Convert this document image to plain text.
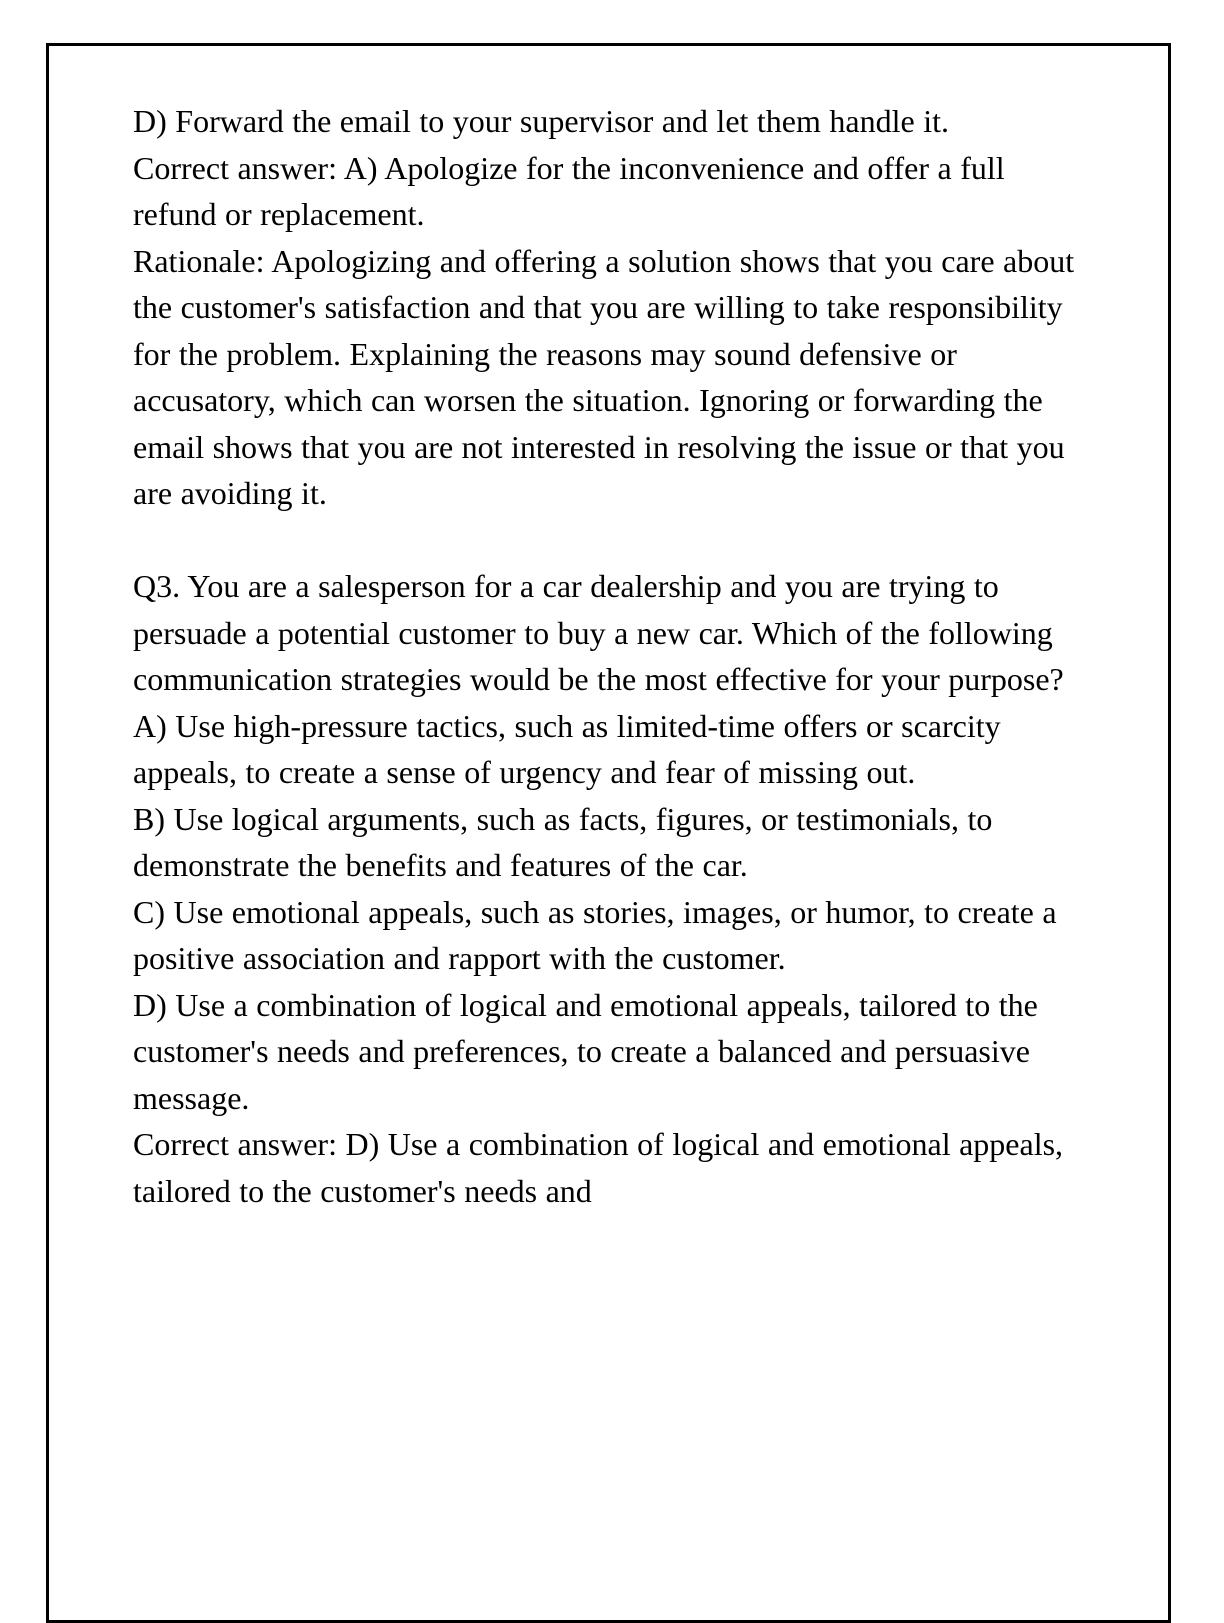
D) Forward the email to your supervisor and let them handle it.

Correct answer: A) Apologize for the inconvenience and offer a full refund or replacement.

Rationale: Apologizing and offering a solution shows that you care about the customer's satisfaction and that you are willing to take responsibility for the problem. Explaining the reasons may sound defensive or accusatory, which can worsen the situation. Ignoring or forwarding the email shows that you are not interested in resolving the issue or that you are avoiding it.

Q3. You are a salesperson for a car dealership and you are trying to persuade a potential customer to buy a new car. Which of the following communication strategies would be the most effective for your purpose?

A) Use high-pressure tactics, such as limited-time offers or scarcity appeals, to create a sense of urgency and fear of missing out.

B) Use logical arguments, such as facts, figures, or testimonials, to demonstrate the benefits and features of the car.

C) Use emotional appeals, such as stories, images, or humor, to create a positive association and rapport with the customer.

D) Use a combination of logical and emotional appeals, tailored to the customer's needs and preferences, to create a balanced and persuasive message.

Correct answer: D) Use a combination of logical and emotional appeals, tailored to the customer's needs and
